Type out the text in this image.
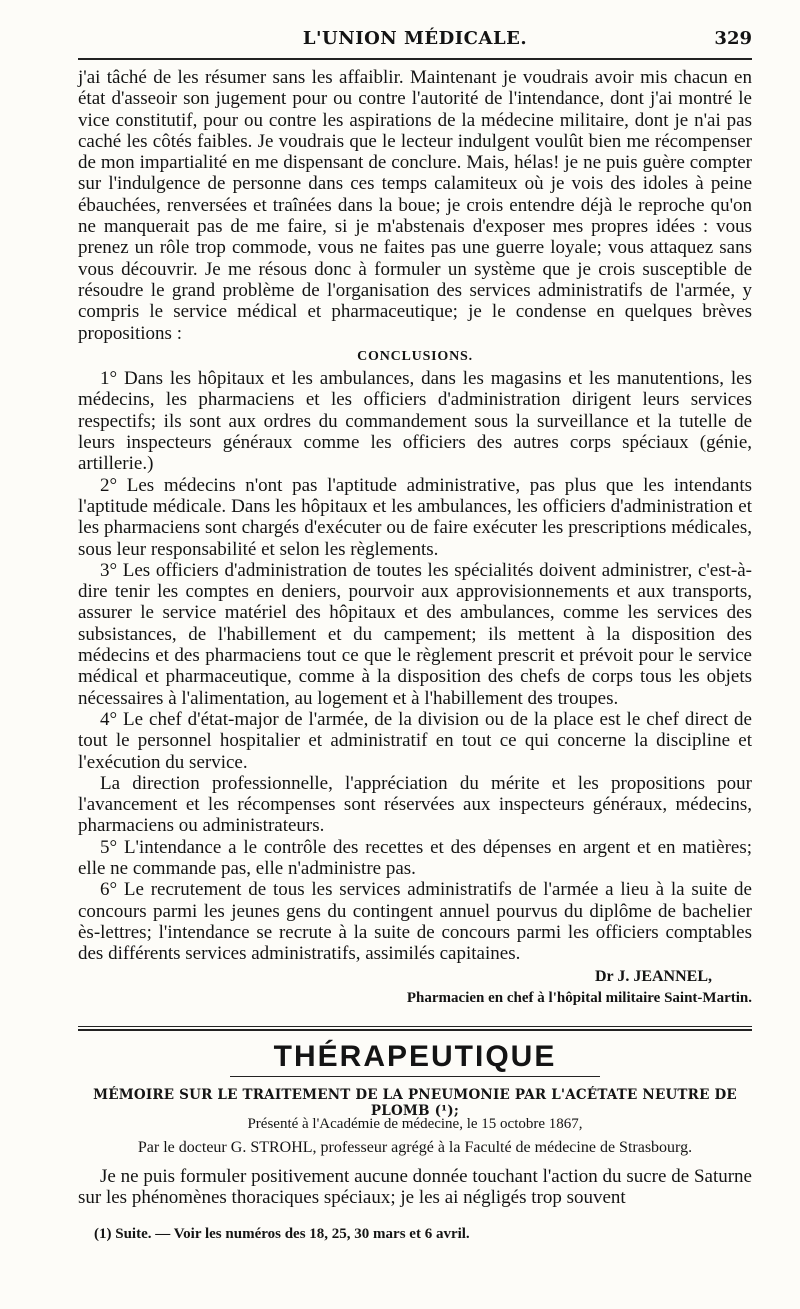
L'UNION MÉDICALE.	329

j'ai tâché de les résumer sans les affaiblir. Maintenant je voudrais avoir mis chacun en état d'asseoir son jugement pour ou contre l'autorité de l'intendance, dont j'ai montré le vice constitutif, pour ou contre les aspirations de la médecine militaire, dont je n'ai pas caché les côtés faibles. Je voudrais que le lecteur indulgent voulût bien me récompenser de mon impartialité en me dispensant de conclure. Mais, hélas! je ne puis guère compter sur l'indulgence de personne dans ces temps calamiteux où je vois des idoles à peine ébauchées, renversées et traînées dans la boue; je crois entendre déjà le reproche qu'on ne manquerait pas de me faire, si je m'abstenais d'exposer mes propres idées : vous prenez un rôle trop commode, vous ne faites pas une guerre loyale; vous attaquez sans vous découvrir. Je me résous donc à formuler un système que je crois susceptible de résoudre le grand problème de l'organisation des services administratifs de l'armée, y compris le service médical et pharmaceutique; je le condense en quelques brèves propositions :

CONCLUSIONS.

1° Dans les hôpitaux et les ambulances, dans les magasins et les manutentions, les médecins, les pharmaciens et les officiers d'administration dirigent leurs services respectifs; ils sont aux ordres du commandement sous la surveillance et la tutelle de leurs inspecteurs généraux comme les officiers des autres corps spéciaux (génie, artillerie.)

2° Les médecins n'ont pas l'aptitude administrative, pas plus que les intendants l'aptitude médicale. Dans les hôpitaux et les ambulances, les officiers d'administration et les pharmaciens sont chargés d'exécuter ou de faire exécuter les prescriptions médicales, sous leur responsabilité et selon les règlements.

3° Les officiers d'administration de toutes les spécialités doivent administrer, c'est-à-dire tenir les comptes en deniers, pourvoir aux approvisionnements et aux transports, assurer le service matériel des hôpitaux et des ambulances, comme les services des subsistances, de l'habillement et du campement; ils mettent à la disposition des médecins et des pharmaciens tout ce que le règlement prescrit et prévoit pour le service médical et pharmaceutique, comme à la disposition des chefs de corps tous les objets nécessaires à l'alimentation, au logement et à l'habillement des troupes.

4° Le chef d'état-major de l'armée, de la division ou de la place est le chef direct de tout le personnel hospitalier et administratif en tout ce qui concerne la discipline et l'exécution du service.

La direction professionnelle, l'appréciation du mérite et les propositions pour l'avancement et les récompenses sont réservées aux inspecteurs généraux, médecins, pharmaciens ou administrateurs.

5° L'intendance a le contrôle des recettes et des dépenses en argent et en matières; elle ne commande pas, elle n'administre pas.

6° Le recrutement de tous les services administratifs de l'armée a lieu à la suite de concours parmi les jeunes gens du contingent annuel pourvus du diplôme de bachelier ès-lettres; l'intendance se recrute à la suite de concours parmi les officiers comptables des différents services administratifs, assimilés capitaines.

Dr J. JEANNEL,
Pharmacien en chef à l'hôpital militaire Saint-Martin.
THÉRAPEUTIQUE
MÉMOIRE SUR LE TRAITEMENT DE LA PNEUMONIE PAR L'ACÉTATE NEUTRE DE PLOMB (¹);
Présenté à l'Académie de médecine, le 15 octobre 1867,
Par le docteur G. STROHL, professeur agrégé à la Faculté de médecine de Strasbourg.

Je ne puis formuler positivement aucune donnée touchant l'action du sucre de Saturne sur les phénomènes thoraciques spéciaux; je les ai négligés trop souvent

(1) Suite. — Voir les numéros des 18, 25, 30 mars et 6 avril.
